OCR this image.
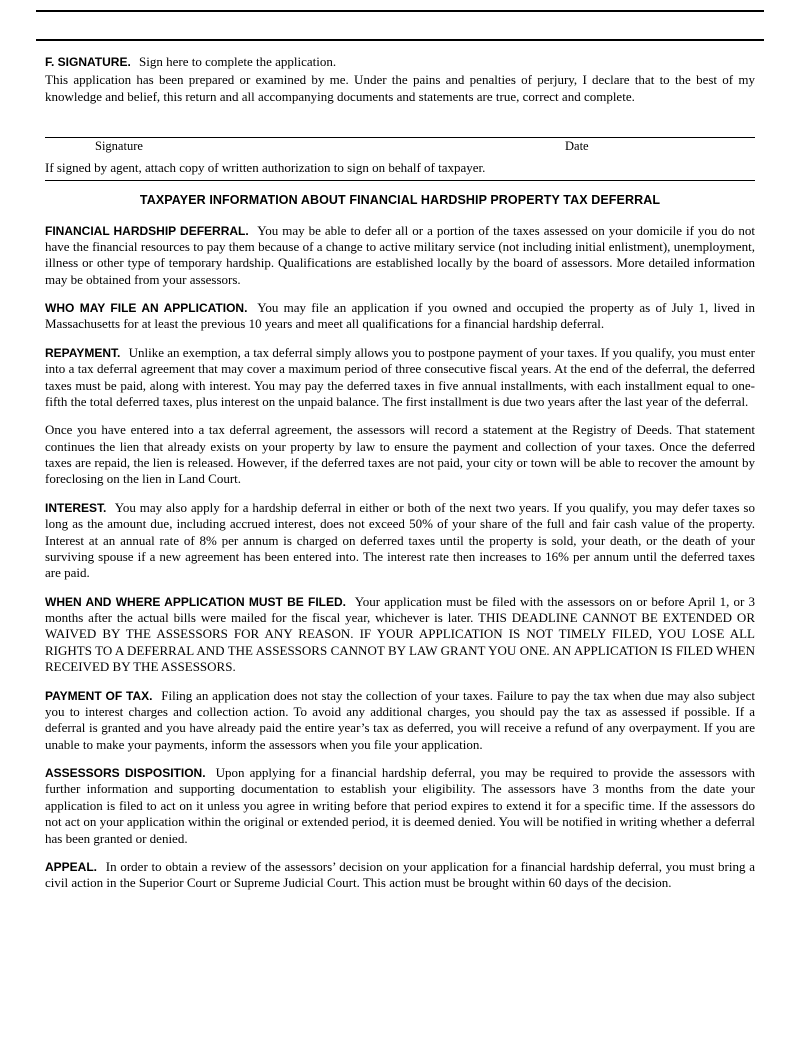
F. SIGNATURE. Sign here to complete the application.

This application has been prepared or examined by me. Under the pains and penalties of perjury, I declare that to the best of my knowledge and belief, this return and all accompanying documents and statements are true, correct and complete.

Signature	Date

If signed by agent, attach copy of written authorization to sign on behalf of taxpayer.

TAXPAYER INFORMATION ABOUT FINANCIAL HARDSHIP PROPERTY TAX DEFERRAL

FINANCIAL HARDSHIP DEFERRAL. You may be able to defer all or a portion of the taxes assessed on your domicile if you do not have the financial resources to pay them because of a change to active military service (not including initial enlistment), unemployment, illness or other type of temporary hardship. Qualifications are established locally by the board of assessors. More detailed information may be obtained from your assessors.

WHO MAY FILE AN APPLICATION. You may file an application if you owned and occupied the property as of July 1, lived in Massachusetts for at least the previous 10 years and meet all qualifications for a financial hardship deferral.

REPAYMENT. Unlike an exemption, a tax deferral simply allows you to postpone payment of your taxes. If you qualify, you must enter into a tax deferral agreement that may cover a maximum period of three consecutive fiscal years. At the end of the deferral, the deferred taxes must be paid, along with interest. You may pay the deferred taxes in five annual installments, with each installment equal to one-fifth the total deferred taxes, plus interest on the unpaid balance. The first installment is due two years after the last year of the deferral.

Once you have entered into a tax deferral agreement, the assessors will record a statement at the Registry of Deeds. That statement continues the lien that already exists on your property by law to ensure the payment and collection of your taxes. Once the deferred taxes are repaid, the lien is released. However, if the deferred taxes are not paid, your city or town will be able to recover the amount by foreclosing on the lien in Land Court.

INTEREST. You may also apply for a hardship deferral in either or both of the next two years. If you qualify, you may defer taxes so long as the amount due, including accrued interest, does not exceed 50% of your share of the full and fair cash value of the property. Interest at an annual rate of 8% per annum is charged on deferred taxes until the property is sold, your death, or the death of your surviving spouse if a new agreement has been entered into. The interest rate then increases to 16% per annum until the deferred taxes are paid.

WHEN AND WHERE APPLICATION MUST BE FILED. Your application must be filed with the assessors on or before April 1, or 3 months after the actual bills were mailed for the fiscal year, whichever is later. THIS DEADLINE CANNOT BE EXTENDED OR WAIVED BY THE ASSESSORS FOR ANY REASON. IF YOUR APPLICATION IS NOT TIMELY FILED, YOU LOSE ALL RIGHTS TO A DEFERRAL AND THE ASSESSORS CANNOT BY LAW GRANT YOU ONE. AN APPLICATION IS FILED WHEN RECEIVED BY THE ASSESSORS.

PAYMENT OF TAX. Filing an application does not stay the collection of your taxes. Failure to pay the tax when due may also subject you to interest charges and collection action. To avoid any additional charges, you should pay the tax as assessed if possible. If a deferral is granted and you have already paid the entire year’s tax as deferred, you will receive a refund of any overpayment. If you are unable to make your payments, inform the assessors when you file your application.

ASSESSORS DISPOSITION. Upon applying for a financial hardship deferral, you may be required to provide the assessors with further information and supporting documentation to establish your eligibility. The assessors have 3 months from the date your application is filed to act on it unless you agree in writing before that period expires to extend it for a specific time. If the assessors do not act on your application within the original or extended period, it is deemed denied. You will be notified in writing whether a deferral has been granted or denied.

APPEAL. In order to obtain a review of the assessors’ decision on your application for a financial hardship deferral, you must bring a civil action in the Superior Court or Supreme Judicial Court. This action must be brought within 60 days of the decision.
